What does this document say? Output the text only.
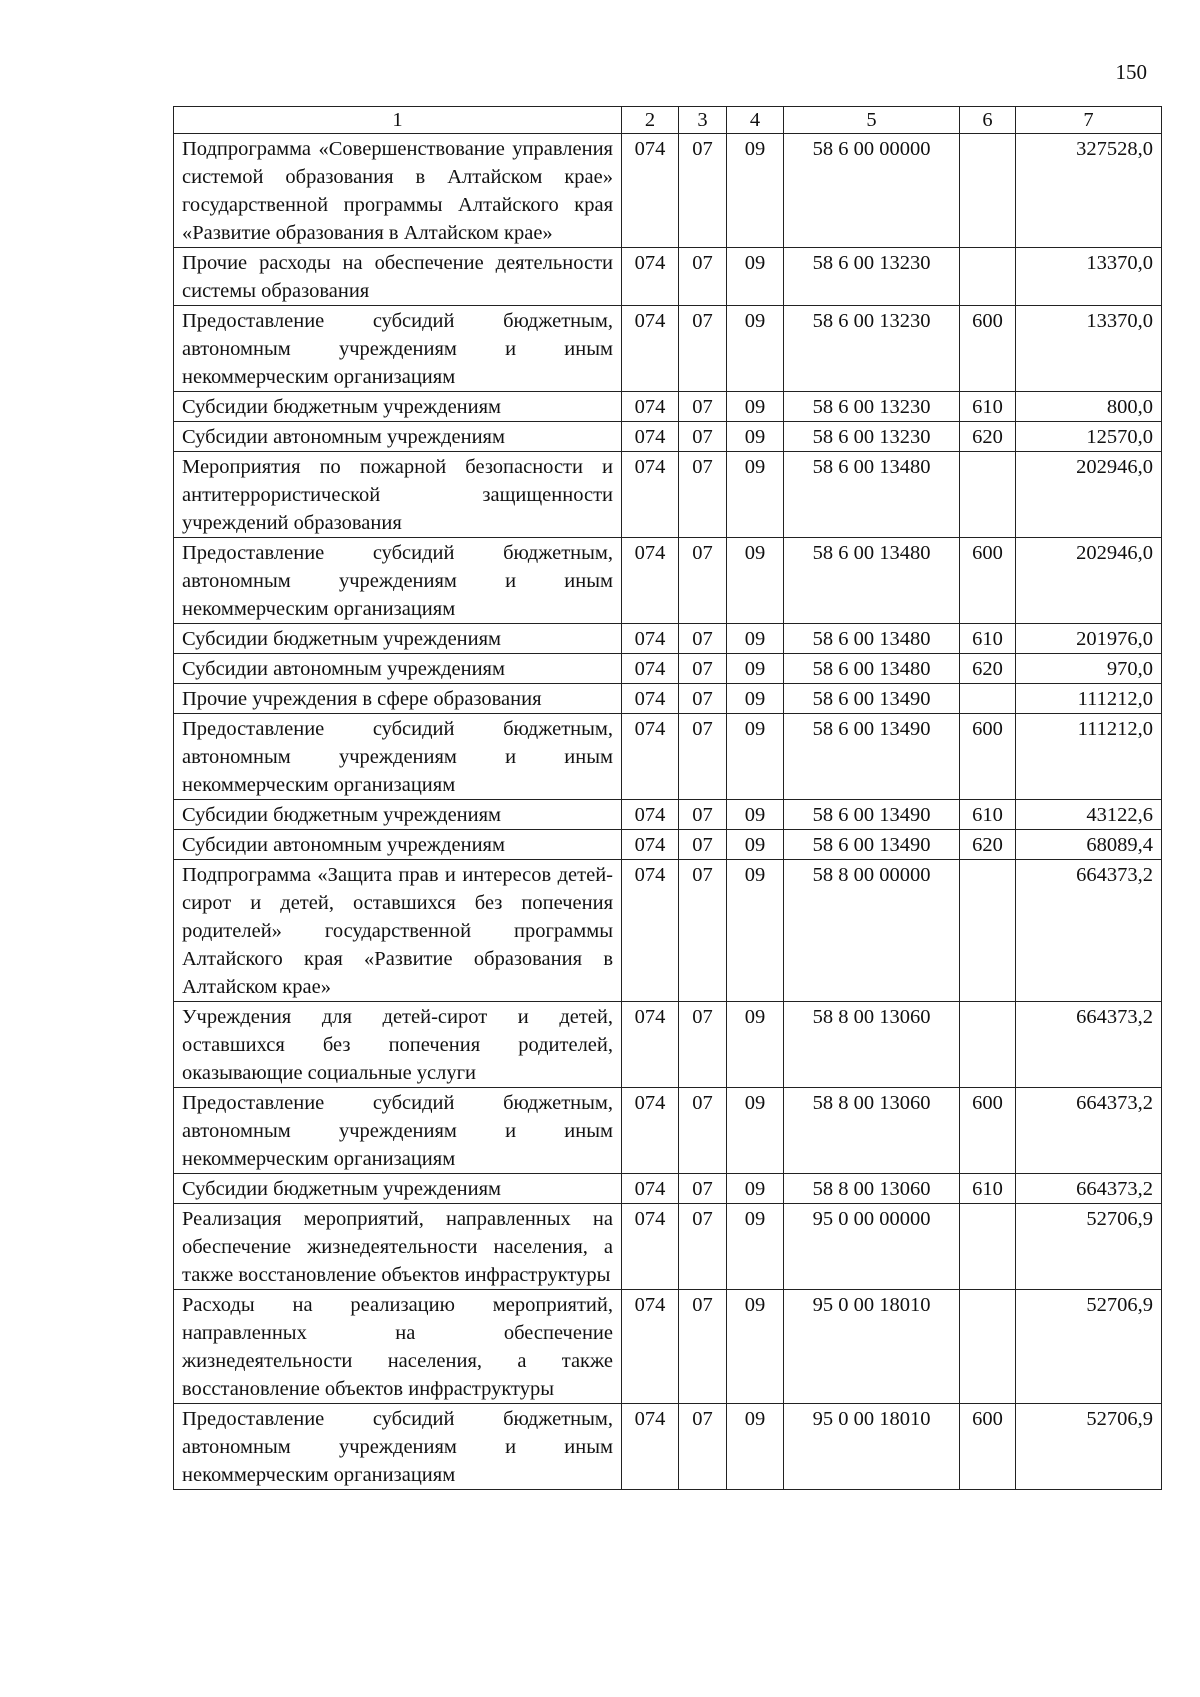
150
1	2	3	4	5	6	7
Подпрограмма «Совершенствование управления системой образования в Алтайском крае» государственной программы Алтайского края «Развитие образования в Алтайском крае»	074	07	09	58 6 00 00000		327528,0
Прочие расходы на обеспечение деятельности системы образования	074	07	09	58 6 00 13230		13370,0
Предоставление субсидий бюджетным, автономным учреждениям и иным некоммерческим организациям	074	07	09	58 6 00 13230	600	13370,0
Субсидии бюджетным учреждениям	074	07	09	58 6 00 13230	610	800,0
Субсидии автономным учреждениям	074	07	09	58 6 00 13230	620	12570,0
Мероприятия по пожарной безопасности и антитеррористической защищенности учреждений образования	074	07	09	58 6 00 13480		202946,0
Предоставление субсидий бюджетным, автономным учреждениям и иным некоммерческим организациям	074	07	09	58 6 00 13480	600	202946,0
Субсидии бюджетным учреждениям	074	07	09	58 6 00 13480	610	201976,0
Субсидии автономным учреждениям	074	07	09	58 6 00 13480	620	970,0
Прочие учреждения в сфере образования	074	07	09	58 6 00 13490		111212,0
Предоставление субсидий бюджетным, автономным учреждениям и иным некоммерческим организациям	074	07	09	58 6 00 13490	600	111212,0
Субсидии бюджетным учреждениям	074	07	09	58 6 00 13490	610	43122,6
Субсидии автономным учреждениям	074	07	09	58 6 00 13490	620	68089,4
Подпрограмма «Защита прав и интересов детей-сирот и детей, оставшихся без попечения родителей» государственной программы Алтайского края «Развитие образования в Алтайском крае»	074	07	09	58 8 00 00000		664373,2
Учреждения для детей-сирот и детей, оставшихся без попечения родителей, оказывающие социальные услуги	074	07	09	58 8 00 13060		664373,2
Предоставление субсидий бюджетным, автономным учреждениям и иным некоммерческим организациям	074	07	09	58 8 00 13060	600	664373,2
Субсидии бюджетным учреждениям	074	07	09	58 8 00 13060	610	664373,2
Реализация мероприятий, направленных на обеспечение жизнедеятельности населения, а также восстановление объектов инфраструктуры	074	07	09	95 0 00 00000		52706,9
Расходы на реализацию мероприятий, направленных на обеспечение жизнедеятельности населения, а также восстановление объектов инфраструктуры	074	07	09	95 0 00 18010		52706,9
Предоставление субсидий бюджетным, автономным учреждениям и иным некоммерческим организациям	074	07	09	95 0 00 18010	600	52706,9
